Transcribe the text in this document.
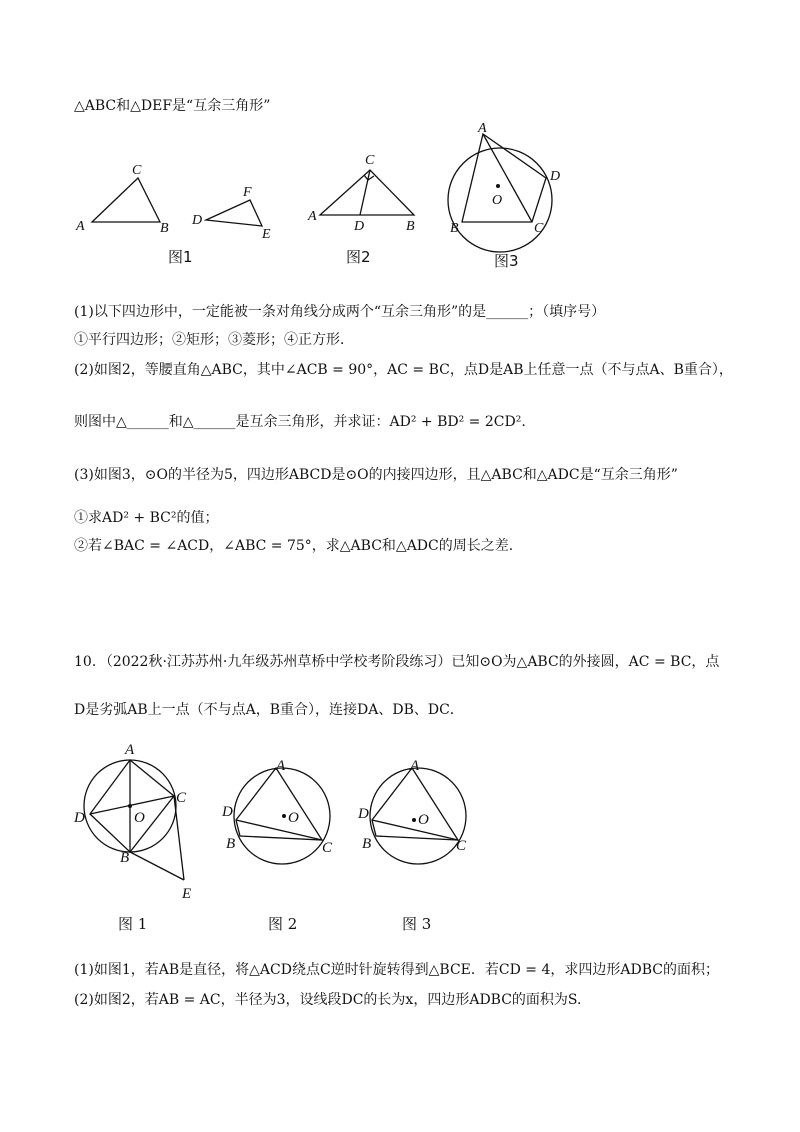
△ABC和△DEF是“互余三角形”
A
C
B
D
F
E
C
A
D	B
A
D
O
B	C
图1	图2	图3
(1)以下四边形中，一定能被一条对角线分成两个“互余三角形”的是______；（填序号）
①平行四边形；②矩形；③菱形；④正方形．
(2)如图2，等腰直角△ABC，其中∠ACB = 90°，AC = BC，点D是AB上任意一点（不与点A、B重合），
则图中△______和△______是互余三角形，并求证：AD² + BD² = 2CD².
(3)如图3，⊙O的半径为5，四边形ABCD是⊙O的内接四边形，且△ABC和△ADC是“互余三角形”
①求AD² + BC²的值；
②若∠BAC = ∠ACD，∠ABC = 75°，求△ABC和△ADC的周长之差.
10．（2022秋·江苏苏州·九年级苏州草桥中学校考阶段练习）已知⊙O为△ABC的外接圆，AC = BC，点
D是劣弧AB上一点（不与点A，B重合），连接DA、DB、DC．
A
C
D	O
B
E
A
D	O
B	C
A
D	O
B	C
图 1	图 2	图 3
(1)如图1，若AB是直径，将△ACD绕点C逆时针旋转得到△BCE．若CD = 4，求四边形ADBC的面积；
(2)如图2，若AB = AC，半径为3，设线段DC的长为x，四边形ADBC的面积为S.
